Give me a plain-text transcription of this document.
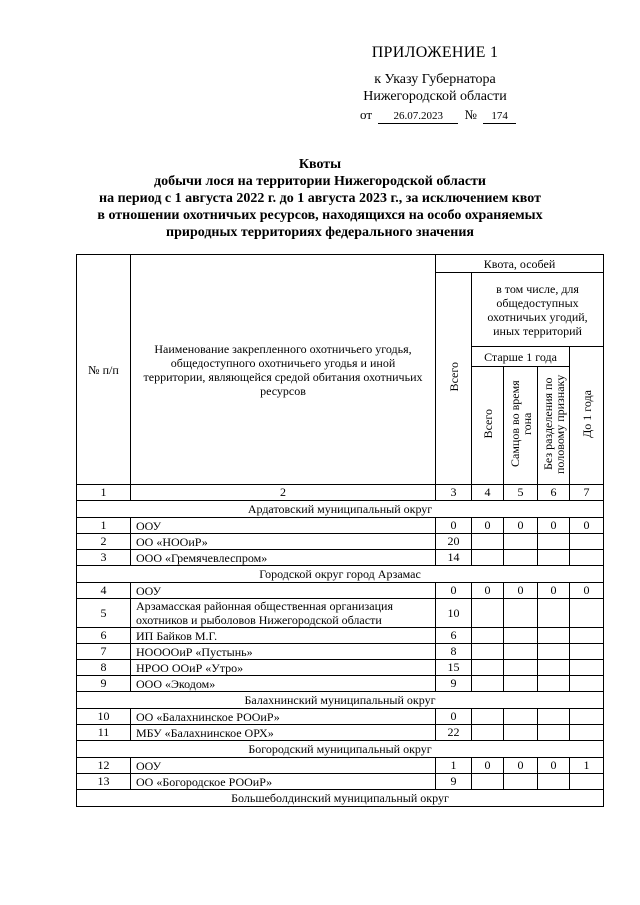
ПРИЛОЖЕНИЕ 1
к Указу Губернатора
Нижегородской области
от 26.07.2023 № 174
Квоты
добычи лося на территории Нижегородской области
на период с 1 августа 2022 г. до 1 августа 2023 г., за исключением квот
в отношении охотничьих ресурсов, находящихся на особо охраняемых
природных территориях федерального значения
№ п/п	Наименование закрепленного охотничьего угодья, общедоступного охотничьего угодья и иной территории, являющейся средой обитания охотничьих ресурсов	Квота, особей				
		Всего	в том числе, для общедоступных охотничьих угодий, иных территорий			
			Старше 1 года			До 1 года
			Всего	Самцов во время гона	Без разделения по половому признаку	
1	2	3	4	5	6	7
Ардатовский муниципальный округ						
1	ООУ	0	0	0	0	0
2	ОО «НООиР»	20				
3	ООО «Гремячевлеспром»	14				
Городской округ город Арзамас						
4	ООУ	0	0	0	0	0
5	Арзамасская районная общественная организация охотников и рыболовов Нижегородской области	10				
6	ИП Байков М.Г.	6				
7	НОООOиР «Пустынь»	8				
8	НРОО ООиР «Утро»	15				
9	ООО «Экодом»	9				
Балахнинский муниципальный округ						
10	ОО «Балахнинское РООиР»	0				
11	МБУ «Балахнинское ОРХ»	22				
Богородский муниципальный округ						
12	ООУ	1	0	0	0	1
13	ОО «Богородское РООиР»	9				
Большеболдинский муниципальный округ						
